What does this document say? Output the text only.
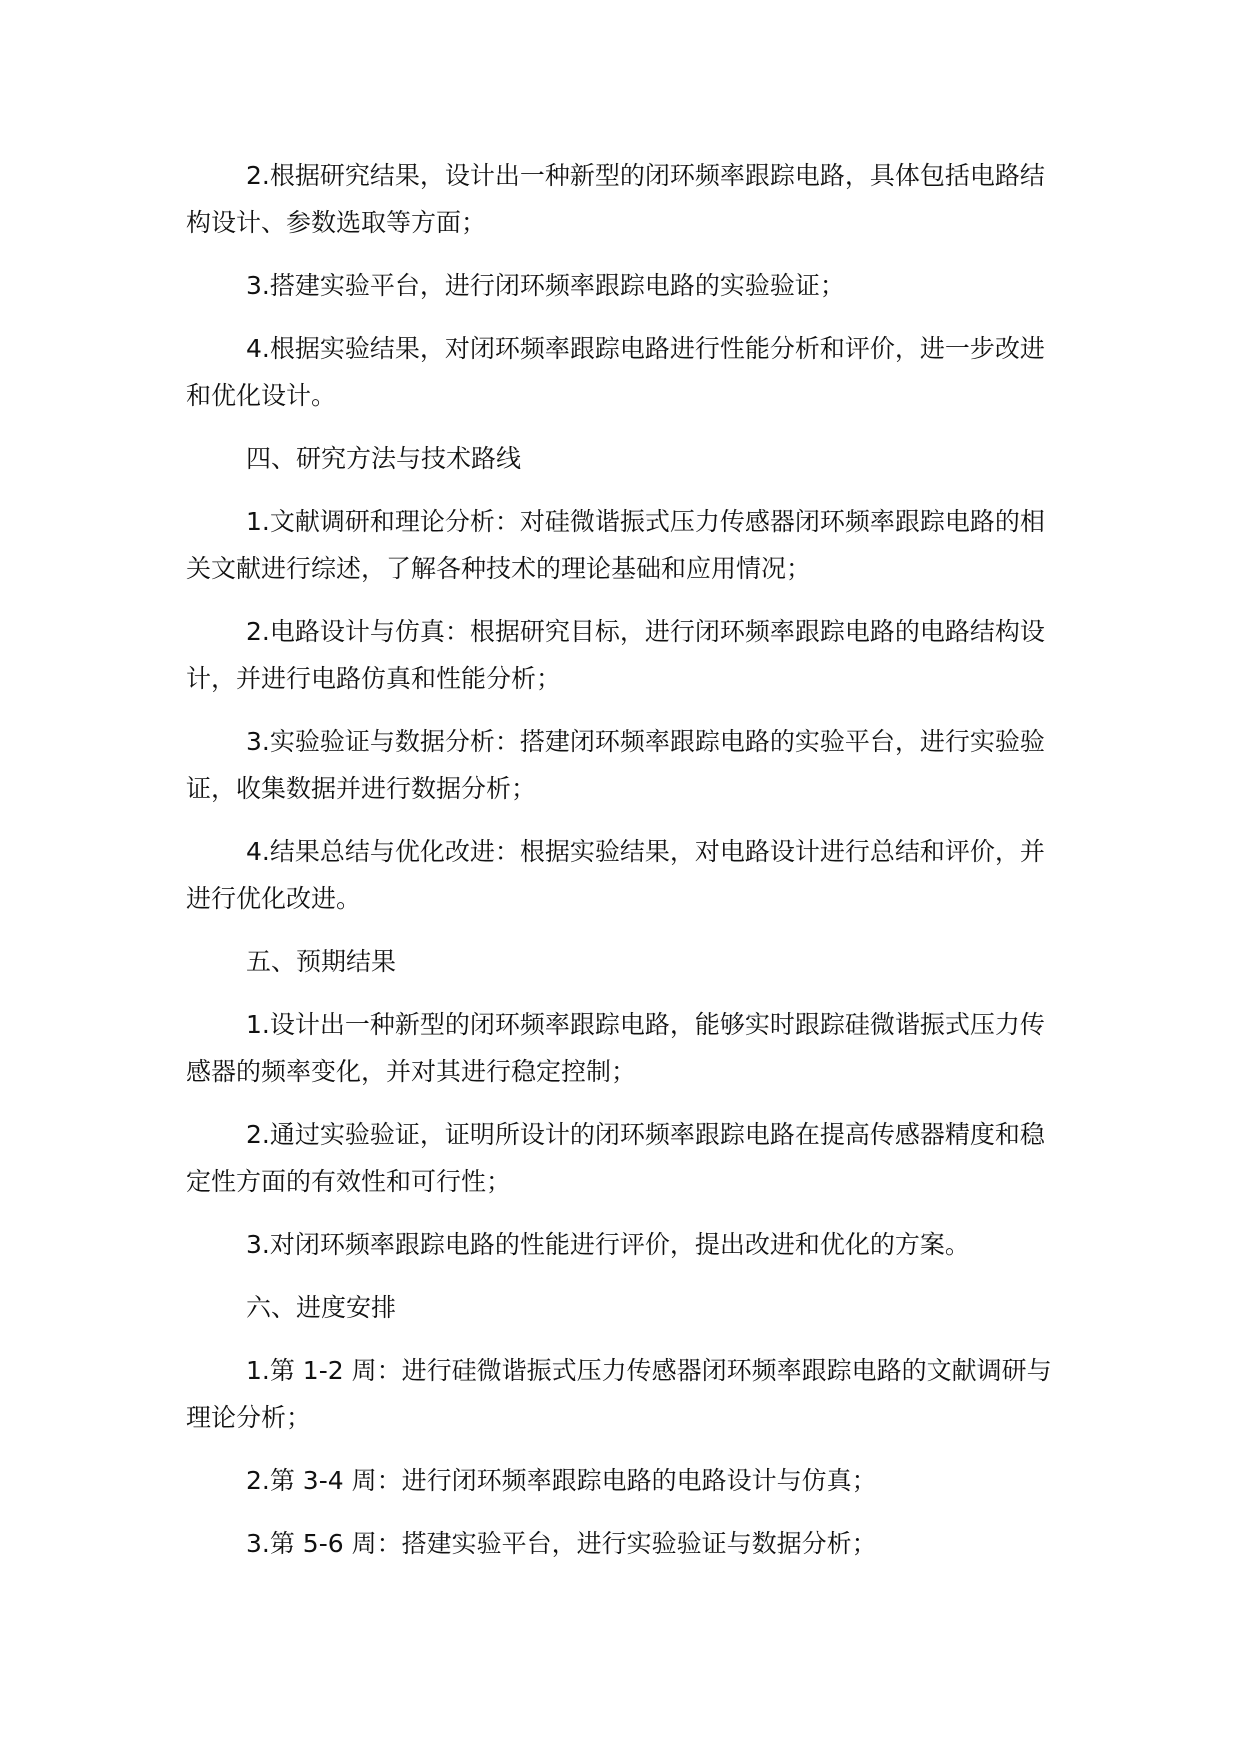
2.根据研究结果，设计出一种新型的闭环频率跟踪电路，具体包括电路结构设计、参数选取等方面；

3.搭建实验平台，进行闭环频率跟踪电路的实验验证；

4.根据实验结果，对闭环频率跟踪电路进行性能分析和评价，进一步改进和优化设计。

四、研究方法与技术路线

1.文献调研和理论分析：对硅微谐振式压力传感器闭环频率跟踪电路的相关文献进行综述，了解各种技术的理论基础和应用情况；

2.电路设计与仿真：根据研究目标，进行闭环频率跟踪电路的电路结构设计，并进行电路仿真和性能分析；

3.实验验证与数据分析：搭建闭环频率跟踪电路的实验平台，进行实验验证，收集数据并进行数据分析；

4.结果总结与优化改进：根据实验结果，对电路设计进行总结和评价，并进行优化改进。

五、预期结果

1.设计出一种新型的闭环频率跟踪电路，能够实时跟踪硅微谐振式压力传感器的频率变化，并对其进行稳定控制；

2.通过实验验证，证明所设计的闭环频率跟踪电路在提高传感器精度和稳定性方面的有效性和可行性；

3.对闭环频率跟踪电路的性能进行评价，提出改进和优化的方案。

六、进度安排

1.第 1-2 周：进行硅微谐振式压力传感器闭环频率跟踪电路的文献调研与理论分析；

2.第 3-4 周：进行闭环频率跟踪电路的电路设计与仿真；

3.第 5-6 周：搭建实验平台，进行实验验证与数据分析；
